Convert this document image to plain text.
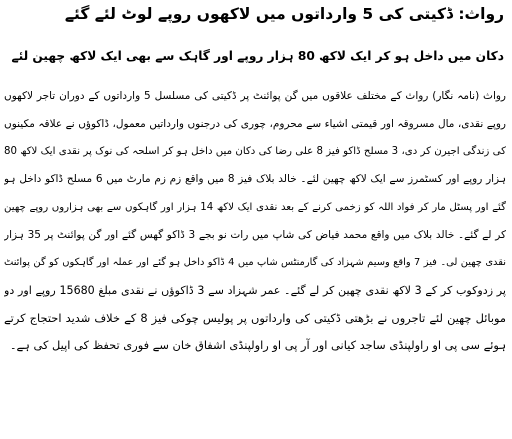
رواث: ڈکیتی کی 5 وارداتوں میں لاکھوں روپے لوٹ لئے گئے
دکان میں داخل ہو کر ایک لاکھ 80 ہزار روپے اور گاہک سے بھی ایک لاکھ چھین لئے
رواث (نامہ نگار) رواث کے مختلف علاقوں میں گن پوائنٹ پر ڈکیتی کی مسلسل 5 وارداتوں کے دوران تاجر لاکھوں
روپے نقدی، مال مسروقہ اور قیمتی اشیاء سے محروم، چوری کی درجنوں وارداتیں معمول، ڈاکوؤں نے علاقہ مکینوں
کی زندگی اجیرن کر دی، 3 مسلح ڈاکو فیز 8 علی رضا کی دکان میں داخل ہو کر اسلحہ کی نوک پر نقدی ایک لاکھ 80
ہزار روپے اور کسٹمرز سے ایک لاکھ چھین لئے۔ خالد بلاک فیز 8 میں واقع زم زم مارٹ میں 6 مسلح ڈاکو داخل ہو
گئے اور پسٹل مار کر فواد اللہ کو زخمی کرنے کے بعد نقدی ایک لاکھ 14 ہزار اور گاہکوں سے بھی ہزاروں روپے چھین
کر لے گئے۔ خالد بلاک میں واقع محمد فیاض کی شاپ میں رات نو بجے 3 ڈاکو گھس گئے اور گن پوائنٹ پر 35 ہزار
نقدی چھین لی۔ فیز 7 واقع وسیم شہزاد کی گارمنٹس شاپ میں 4 ڈاکو داخل ہو گئے اور عملہ اور گاہکوں کو گن پوائنٹ
پر زدوکوب کر کے 3 لاکھ نقدی چھین کر لے گئے۔ عمر شہزاد سے 3 ڈاکوؤں نے نقدی مبلغ 15680 روپے اور دو
موبائل چھین لئے تاجروں نے بڑھتی ڈکیتی کی وارداتوں پر پولیس چوکی فیز 8 کے خلاف شدید احتجاج کرتے
ہوئے سی پی او راولپنڈی ساجد کیانی اور آر پی او راولپنڈی اشفاق خان سے فوری تحفظ کی اپیل کی ہے۔
